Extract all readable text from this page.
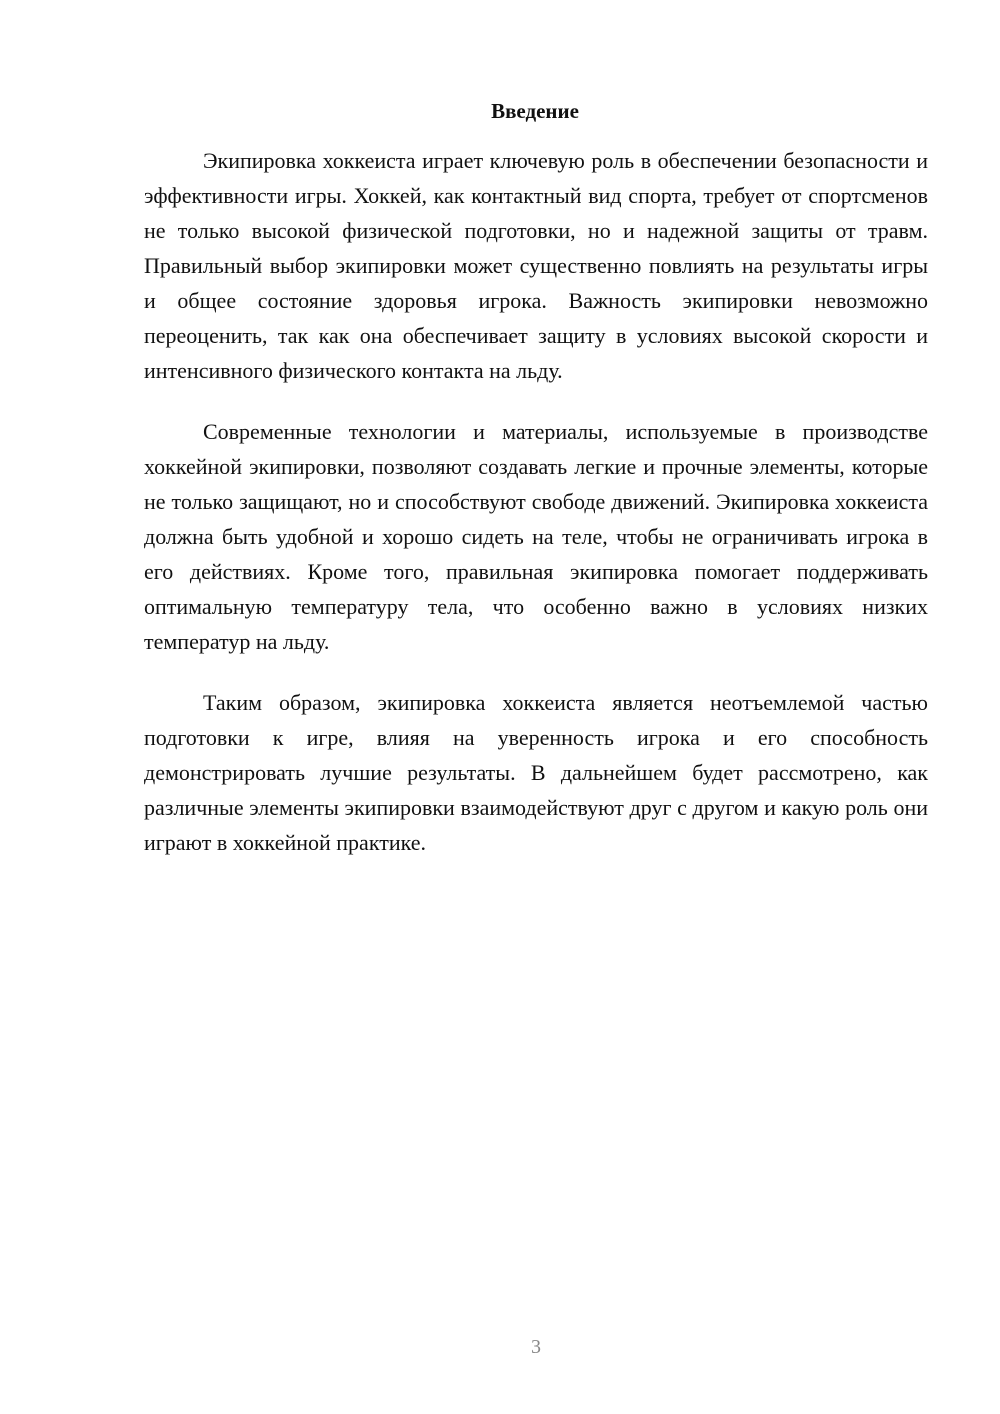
Введение

Экипировка хоккеиста играет ключевую роль в обеспечении безопасности и эффективности игры. Хоккей, как контактный вид спорта, требует от спортсменов не только высокой физической подготовки, но и надежной защиты от травм. Правильный выбор экипировки может существенно повлиять на результаты игры и общее состояние здоровья игрока. Важность экипировки невозможно переоценить, так как она обеспечивает защиту в условиях высокой скорости и интенсивного физического контакта на льду.

Современные технологии и материалы, используемые в производстве хоккейной экипировки, позволяют создавать легкие и прочные элементы, которые не только защищают, но и способствуют свободе движений. Экипировка хоккеиста должна быть удобной и хорошо сидеть на теле, чтобы не ограничивать игрока в его действиях. Кроме того, правильная экипировка помогает поддерживать оптимальную температуру тела, что особенно важно в условиях низких температур на льду.

Таким образом, экипировка хоккеиста является неотъемлемой частью подготовки к игре, влияя на уверенность игрока и его способность демонстрировать лучшие результаты. В дальнейшем будет рассмотрено, как различные элементы экипировки взаимодействуют друг с другом и какую роль они играют в хоккейной практике.

3
